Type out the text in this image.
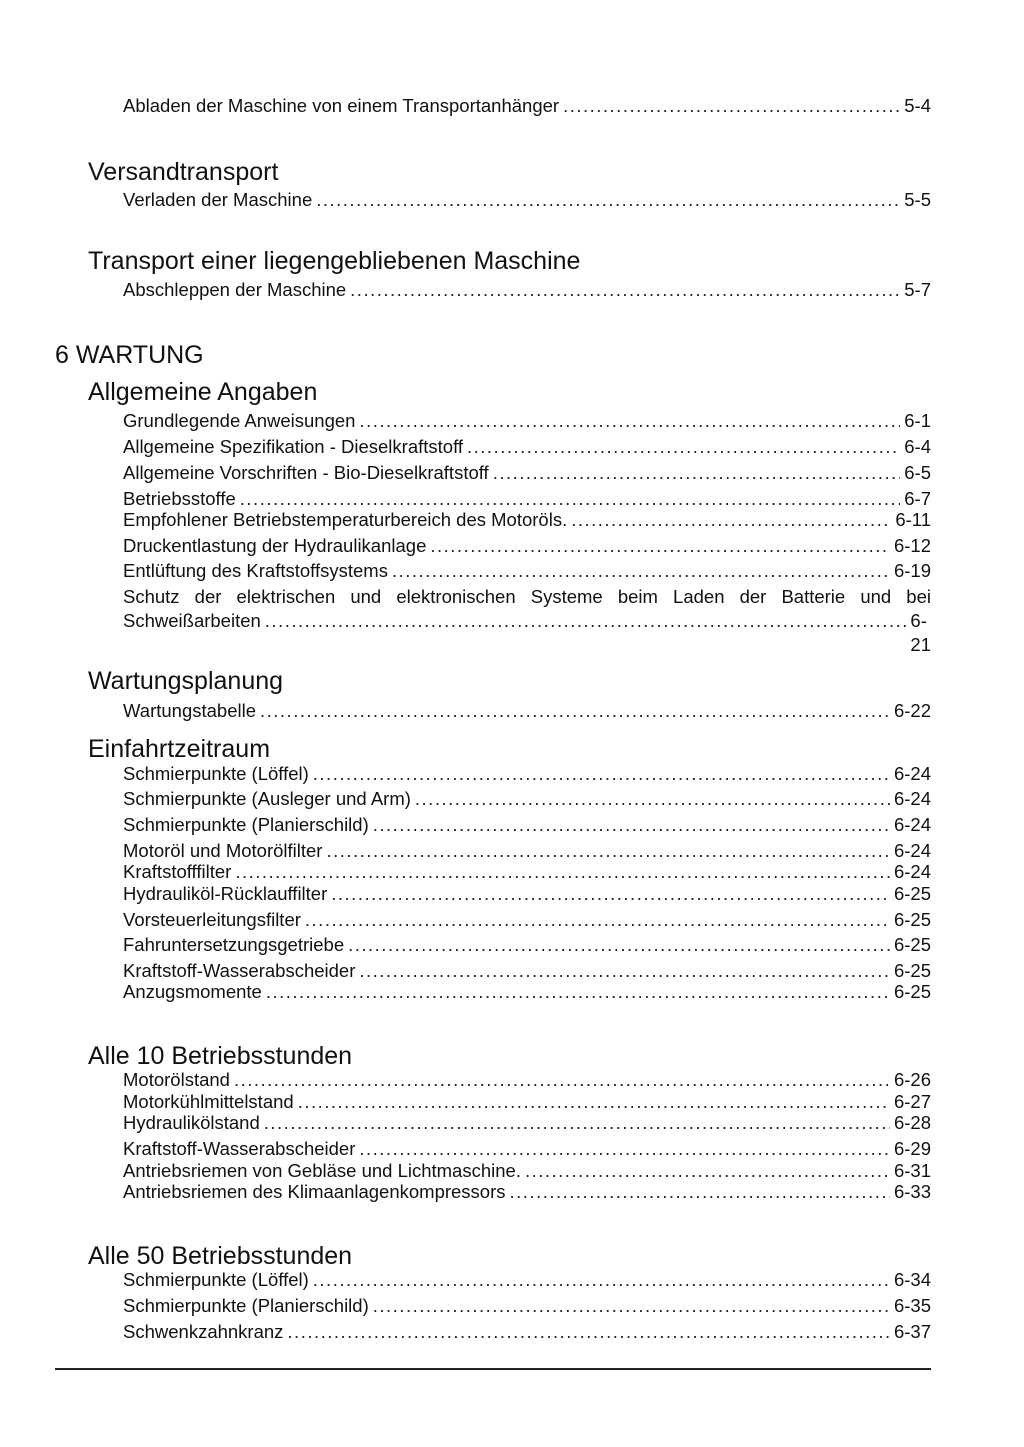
Abladen der Maschine von einem Transportanhänger .....	5-4
Versandtransport
Verladen der Maschine .....	5-5
Transport einer liegengebliebenen Maschine
Abschleppen der Maschine .....	5-7
6 WARTUNG
Allgemeine Angaben
Grundlegende Anweisungen .....	6-1
Allgemeine Spezifikation - Dieselkraftstoff .....	6-4
Allgemeine Vorschriften - Bio-Dieselkraftstoff .....	6-5
Betriebsstoffe .....	6-7
Empfohlener Betriebstemperaturbereich des Motoröls. .....	6-11
Druckentlastung der Hydraulikanlage .....	6-12
Entlüftung des Kraftstoffsystems .....	6-19
Schutz der elektrischen und elektronischen Systeme beim Laden der Batterie und bei
Schweißarbeiten .....	6-21
Wartungsplanung
Wartungstabelle .....	6-22
Einfahrtzeitraum
Schmierpunkte (Löffel) .....	6-24
Schmierpunkte (Ausleger und Arm) .....	6-24
Schmierpunkte (Planierschild) .....	6-24
Motoröl und Motorölfilter .....	6-24
Kraftstofffilter .....	6-24
Hydrauliköl-Rücklauffilter .....	6-25
Vorsteuerleitungsfilter .....	6-25
Fahruntersetzungsgetriebe .....	6-25
Kraftstoff-Wasserabscheider .....	6-25
Anzugsmomente .....	6-25
Alle 10 Betriebsstunden
Motorölstand .....	6-26
Motorkühlmittelstand .....	6-27
Hydraulikölstand .....	6-28
Kraftstoff-Wasserabscheider .....	6-29
Antriebsriemen von Gebläse und Lichtmaschine. .....	6-31
Antriebsriemen des Klimaanlagenkompressors .....	6-33
Alle 50 Betriebsstunden
Schmierpunkte (Löffel) .....	6-34
Schmierpunkte (Planierschild) .....	6-35
Schwenkzahnkranz .....	6-37
